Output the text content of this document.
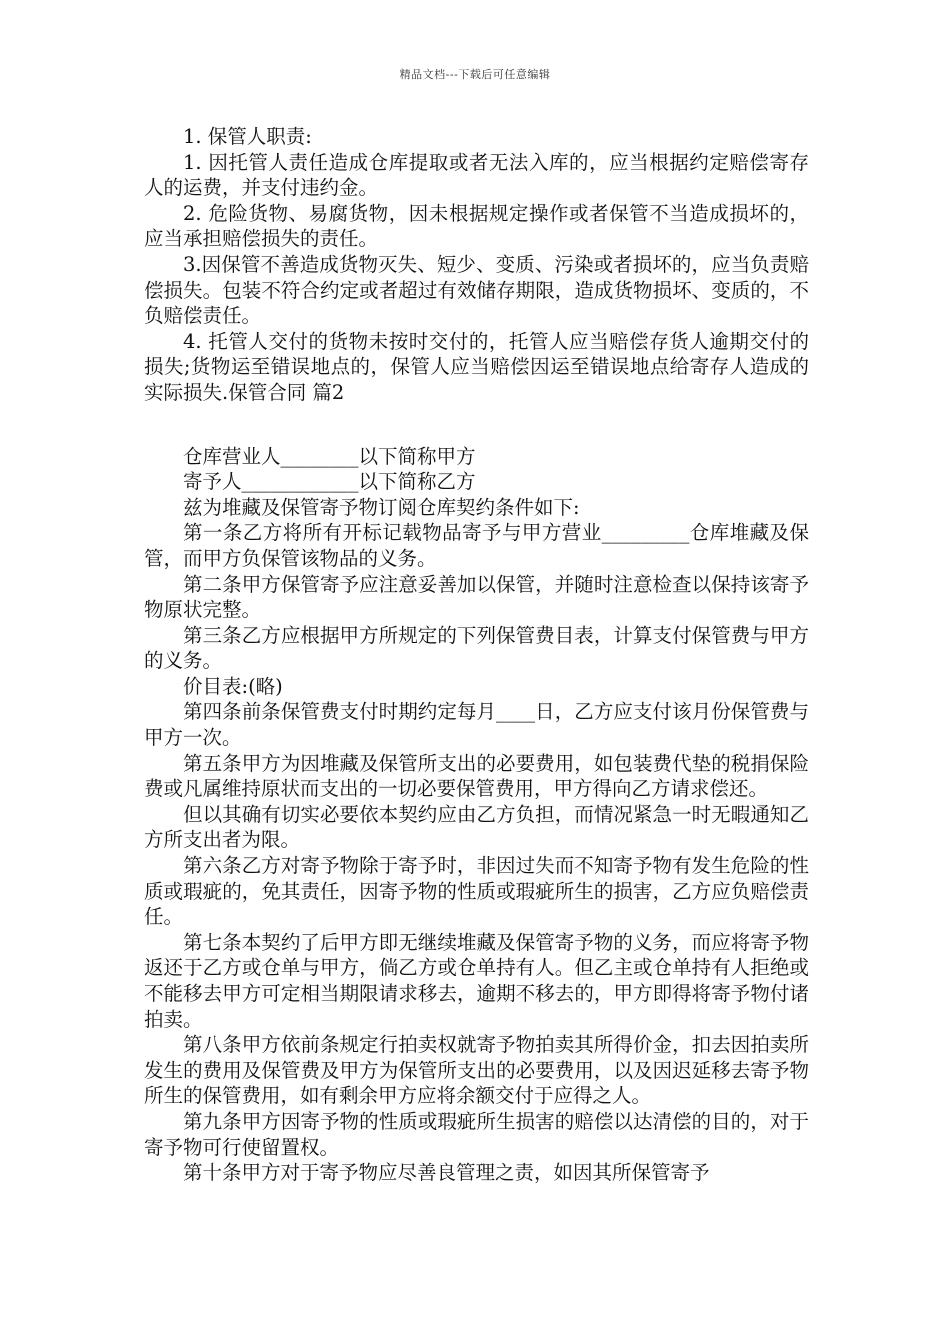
精品文档---下载后可任意编辑

1. 保管人职责:

1. 因托管人责任造成仓库提取或者无法入库的，应当根据约定赔偿寄存人的运费，并支付违约金。

2. 危险货物、易腐货物，因未根据规定操作或者保管不当造成损坏的，应当承担赔偿损失的责任。

3.因保管不善造成货物灭失、短少、变质、污染或者损坏的，应当负责赔偿损失。包装不符合约定或者超过有效储存期限，造成货物损坏、变质的，不负赔偿责任。

4. 托管人交付的货物未按时交付的，托管人应当赔偿存货人逾期交付的损失;货物运至错误地点的，保管人应当赔偿因运至错误地点给寄存人造成的实际损失.保管合同 篇2

仓库营业人________以下简称甲方

寄予人____________以下简称乙方

兹为堆藏及保管寄予物订阅仓库契约条件如下:

第一条乙方将所有开标记载物品寄予与甲方营业_________仓库堆藏及保管，而甲方负保管该物品的义务。

第二条甲方保管寄予应注意妥善加以保管，并随时注意检查以保持该寄予物原状完整。

第三条乙方应根据甲方所规定的下列保管费目表，计算支付保管费与甲方的义务。

价目表:(略)

第四条前条保管费支付时期约定每月____日，乙方应支付该月份保管费与甲方一次。

第五条甲方为因堆藏及保管所支出的必要费用，如包装费代垫的税捐保险费或凡属维持原状而支出的一切必要保管费用，甲方得向乙方请求偿还。

但以其确有切实必要依本契约应由乙方负担，而情况紧急一时无暇通知乙方所支出者为限。

第六条乙方对寄予物除于寄予时，非因过失而不知寄予物有发生危险的性质或瑕疵的，免其责任，因寄予物的性质或瑕疵所生的损害，乙方应负赔偿责任。

第七条本契约了后甲方即无继续堆藏及保管寄予物的义务，而应将寄予物返还于乙方或仓单与甲方，倘乙方或仓单持有人。但乙主或仓单持有人拒绝或不能移去甲方可定相当期限请求移去，逾期不移去的，甲方即得将寄予物付诸拍卖。

第八条甲方依前条规定行拍卖权就寄予物拍卖其所得价金，扣去因拍卖所发生的费用及保管费及甲方为保管所支出的必要费用，以及因迟延移去寄予物所生的保管费用，如有剩余甲方应将余额交付于应得之人。

第九条甲方因寄予物的性质或瑕疵所生损害的赔偿以达清偿的目的，对于寄予物可行使留置权。

第十条甲方对于寄予物应尽善良管理之责，如因其所保管寄予
